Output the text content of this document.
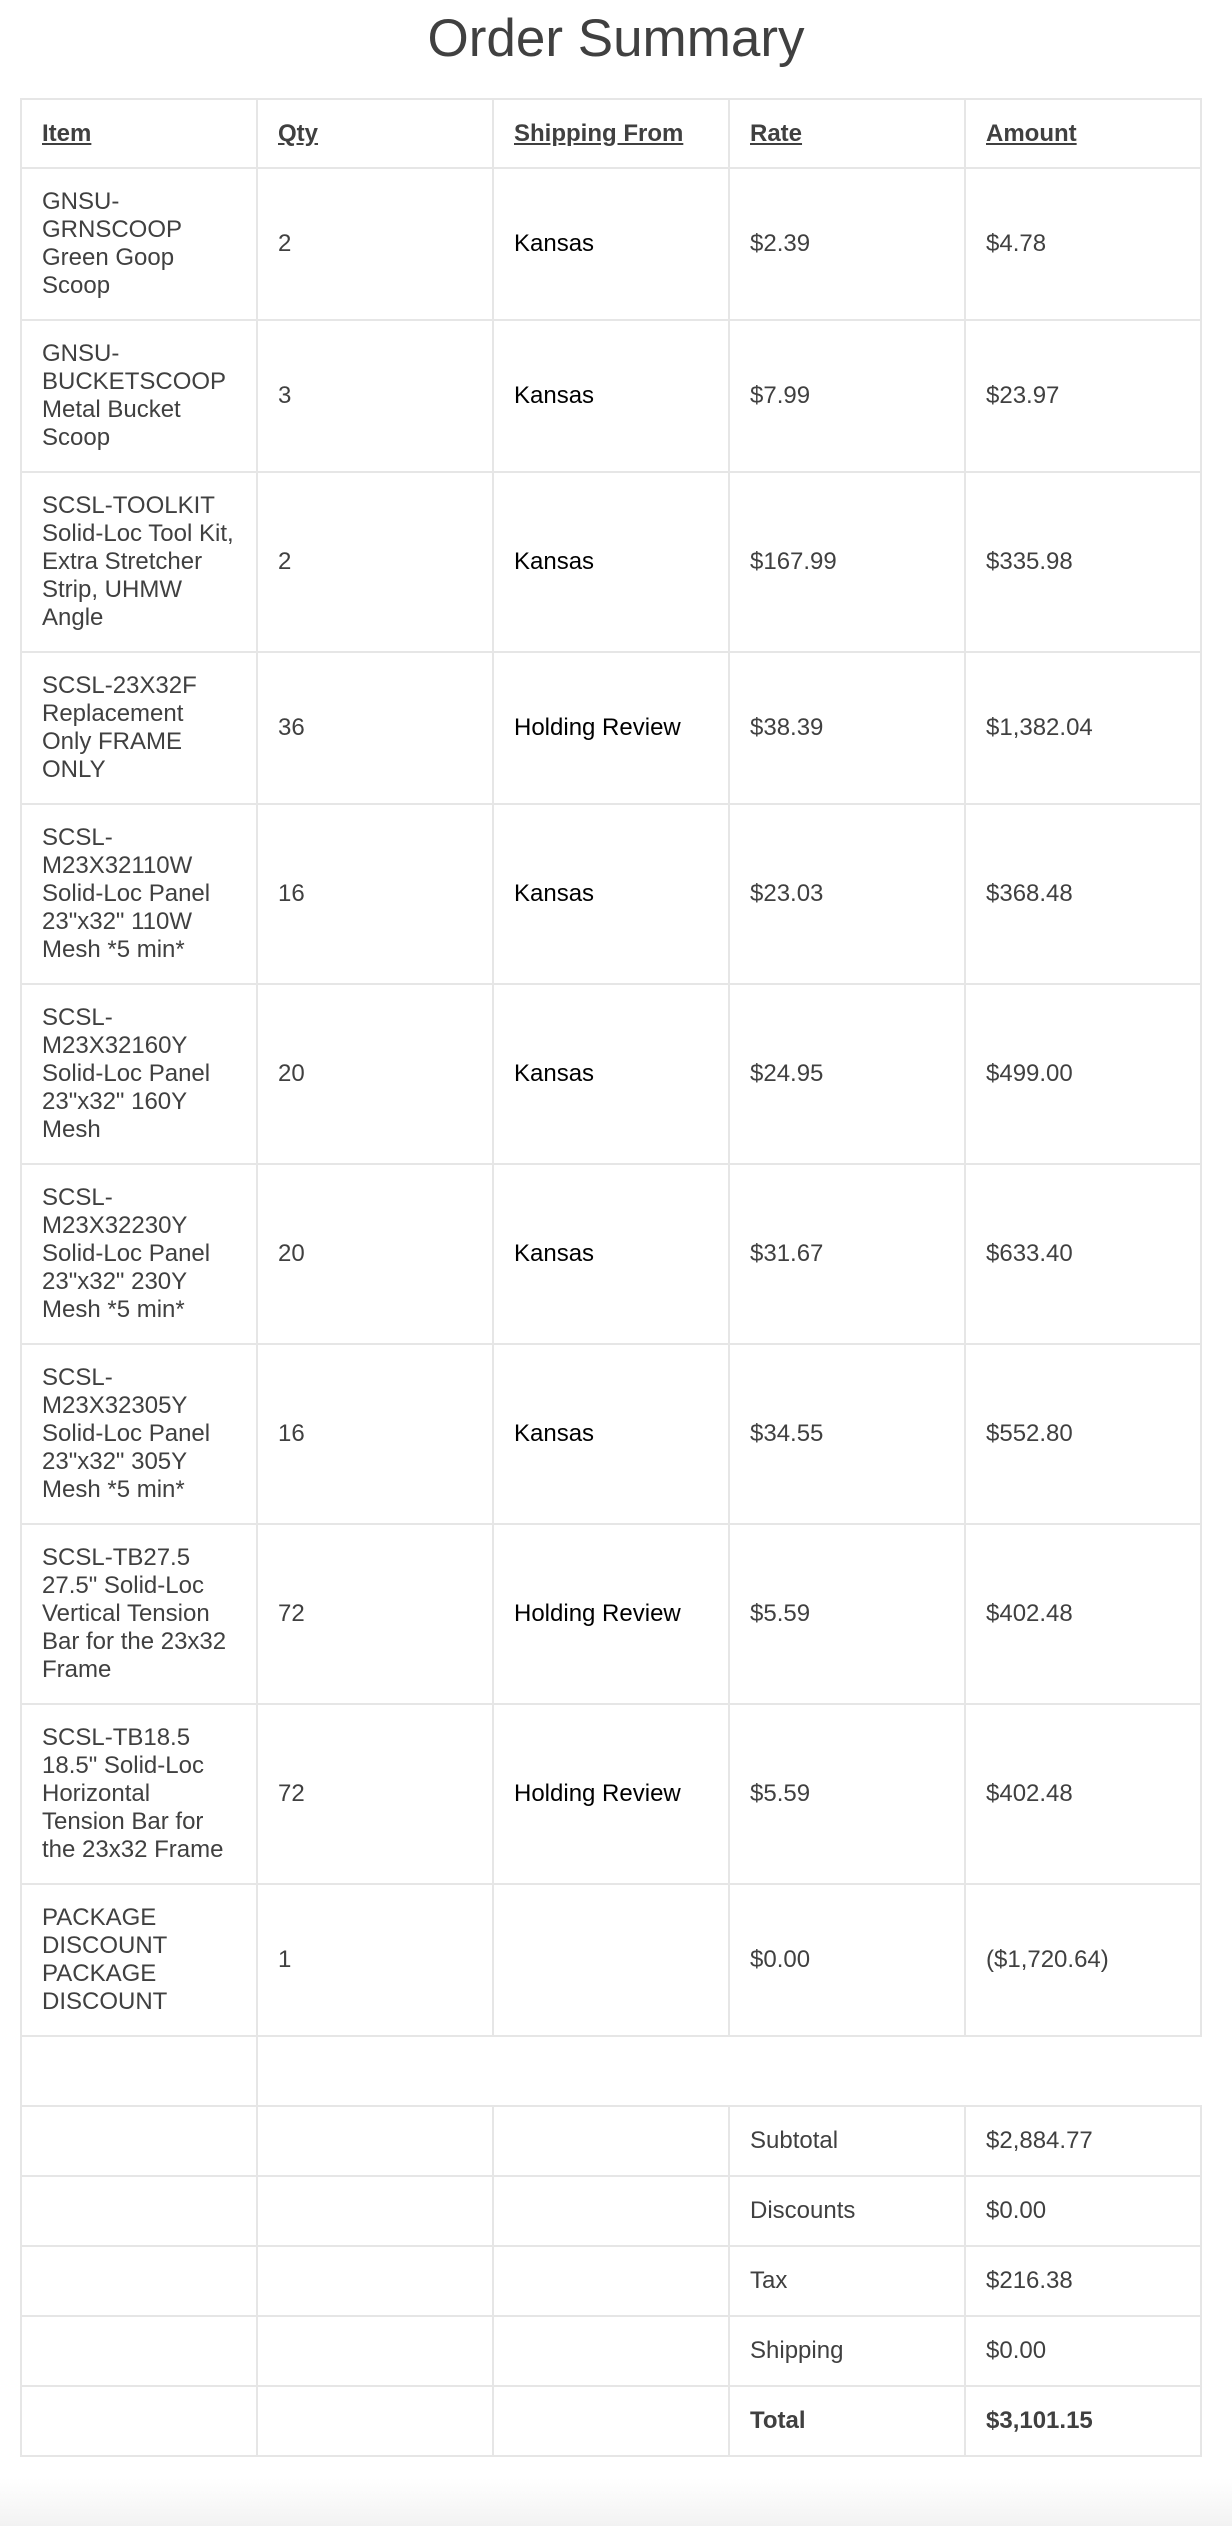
Order Summary
Item	Qty	Shipping From	Rate	Amount
GNSU-GRNSCOOP Green Goop Scoop	2	Kansas	$2.39	$4.78
GNSU-BUCKETSCOOP Metal Bucket Scoop	3	Kansas	$7.99	$23.97
SCSL-TOOLKIT Solid-Loc Tool Kit, Extra Stretcher Strip, UHMW Angle	2	Kansas	$167.99	$335.98
SCSL-23X32F Replacement Only FRAME ONLY	36	Holding Review	$38.39	$1,382.04
SCSL-M23X32110W Solid-Loc Panel 23"x32" 110W Mesh *5 min*	16	Kansas	$23.03	$368.48
SCSL-M23X32160Y Solid-Loc Panel 23"x32" 160Y Mesh	20	Kansas	$24.95	$499.00
SCSL-M23X32230Y Solid-Loc Panel 23"x32" 230Y Mesh *5 min*	20	Kansas	$31.67	$633.40
SCSL-M23X32305Y Solid-Loc Panel 23"x32" 305Y Mesh *5 min*	16	Kansas	$34.55	$552.80
SCSL-TB27.5 27.5" Solid-Loc Vertical Tension Bar for the 23x32 Frame	72	Holding Review	$5.59	$402.48
SCSL-TB18.5 18.5" Solid-Loc Horizontal Tension Bar for the 23x32 Frame	72	Holding Review	$5.59	$402.48
PACKAGE DISCOUNT PACKAGE DISCOUNT	1		$0.00	($1,720.64)

			Subtotal	$2,884.77
			Discounts	$0.00
			Tax	$216.38
			Shipping	$0.00
			Total	$3,101.15
